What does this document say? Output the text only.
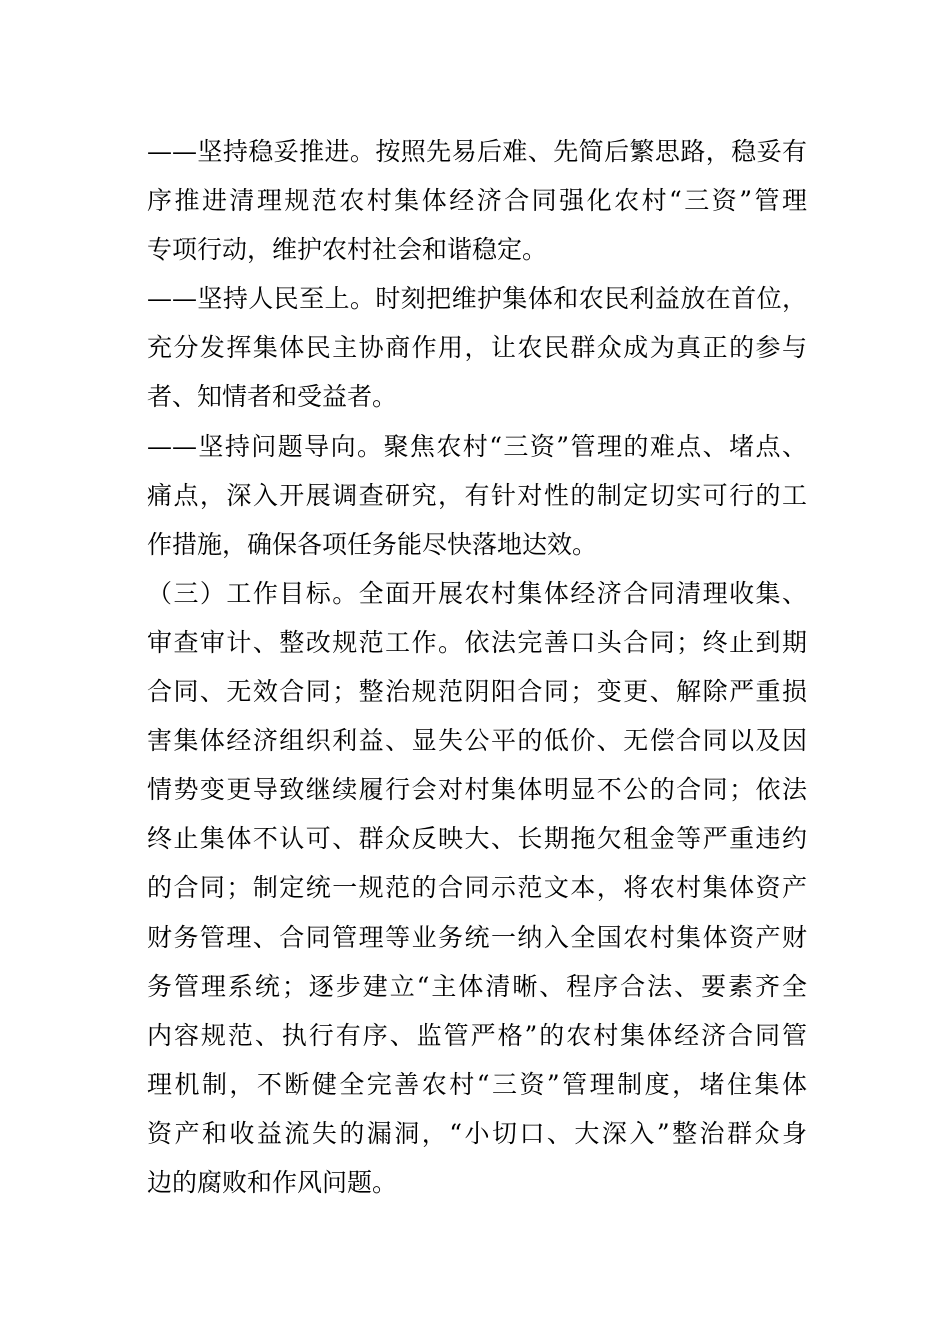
——坚持稳妥推进。按照先易后难、先简后繁思路，稳妥有
序推进清理规范农村集体经济合同强化农村“三资”管理
专项行动，维护农村社会和谐稳定。
——坚持人民至上。时刻把维护集体和农民利益放在首位，
充分发挥集体民主协商作用，让农民群众成为真正的参与
者、知情者和受益者。
——坚持问题导向。聚焦农村“三资”管理的难点、堵点、
痛点，深入开展调查研究，有针对性的制定切实可行的工
作措施，确保各项任务能尽快落地达效。
（三）工作目标。全面开展农村集体经济合同清理收集、
审查审计、整改规范工作。依法完善口头合同；终止到期
合同、无效合同；整治规范阴阳合同；变更、解除严重损
害集体经济组织利益、显失公平的低价、无偿合同以及因
情势变更导致继续履行会对村集体明显不公的合同；依法
终止集体不认可、群众反映大、长期拖欠租金等严重违约
的合同；制定统一规范的合同示范文本，将农村集体资产
财务管理、合同管理等业务统一纳入全国农村集体资产财
务管理系统；逐步建立“主体清晰、程序合法、要素齐全
内容规范、执行有序、监管严格”的农村集体经济合同管
理机制，不断健全完善农村“三资”管理制度，堵住集体
资产和收益流失的漏洞，“小切口、大深入”整治群众身
边的腐败和作风问题。
